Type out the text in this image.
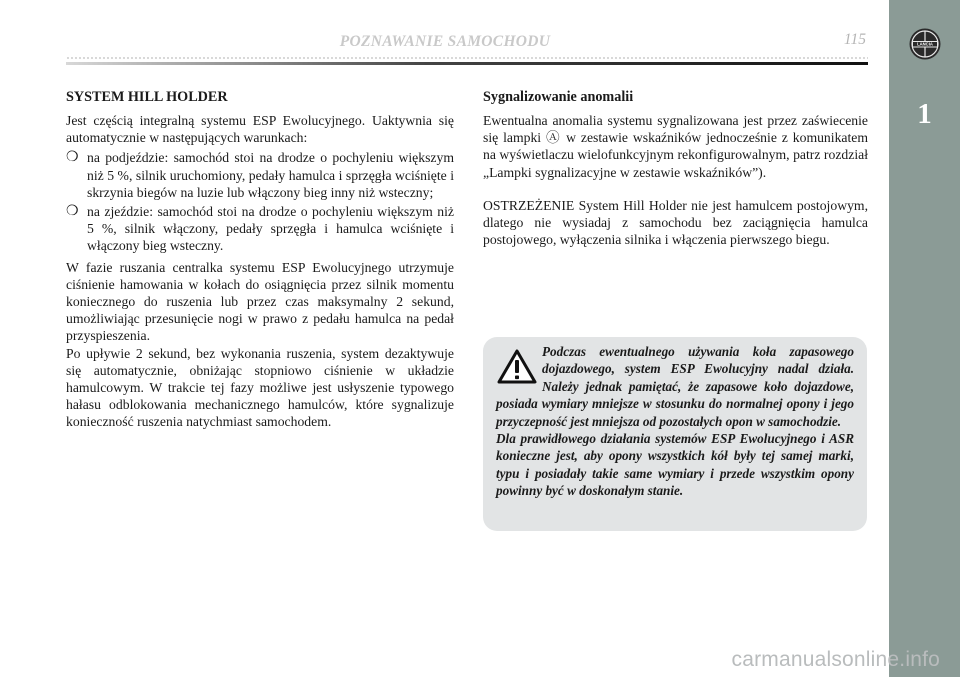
POZNAWANIE SAMOCHODU	115	LANCIA
1
SYSTEM HILL HOLDER

Jest częścią integralną systemu ESP Ewolucyjnego. Uaktywnia się automatycznie w następujących warunkach:

❍ na podjeździe: samochód stoi na drodze o pochyleniu większym niż 5 %, silnik uruchomiony, pedały hamulca i sprzęgła wciśnięte i skrzynia biegów na luzie lub włączony bieg inny niż wsteczny;
❍ na zjeździe: samochód stoi na drodze o pochyleniu większym niż 5 %, silnik włączony, pedały sprzęgła i hamulca wciśnięte i włączony bieg wsteczny.

W fazie ruszania centralka systemu ESP Ewolucyjnego utrzymuje ciśnienie hamowania w kołach do osiągnięcia przez silnik momentu koniecznego do ruszenia lub przez czas maksymalny 2 sekund, umożliwiając przesunięcie nogi w prawo z pedału hamulca na pedał przyspieszenia.

Po upływie 2 sekund, bez wykonania ruszenia, system dezaktywuje się automatycznie, obniżając stopniowo ciśnienie w układzie hamulcowym. W trakcie tej fazy możliwe jest usłyszenie typowego hałasu odblokowania mechanicznego hamulców, które sygnalizuje konieczność ruszenia natychmiast samochodem.

Sygnalizowanie anomalii

Ewentualna anomalia systemu sygnalizowana jest przez zaświecenie się lampki Ⓐ w zestawie wskaźników jednocześnie z komunikatem na wyświetlaczu wielofunkcyjnym rekonfigurowalnym, patrz rozdział „Lampki sygnalizacyjne w zestawie wskaźników”).

OSTRZEŻENIE System Hill Holder nie jest hamulcem postojowym, dlatego nie wysiadaj z samochodu bez zaciągnięcia hamulca postojowego, wyłączenia silnika i włączenia pierwszego biegu.

Podczas ewentualnego używania koła zapasowego dojazdowego, system ESP Ewolucyjny nadal działa. Należy jednak pamiętać, że zapasowe koło dojazdowe, posiada wymiary mniejsze w stosunku do normalnej opony i jego przyczepność jest mniejsza od pozostałych opon w samochodzie.

Dla prawidłowego działania systemów ESP Ewolucyjnego i ASR konieczne jest, aby opony wszystkich kół były tej samej marki, typu i posiadały takie same wymiary i przede wszystkim opony powinny być w doskonałym stanie.

carmanualsonline.info
